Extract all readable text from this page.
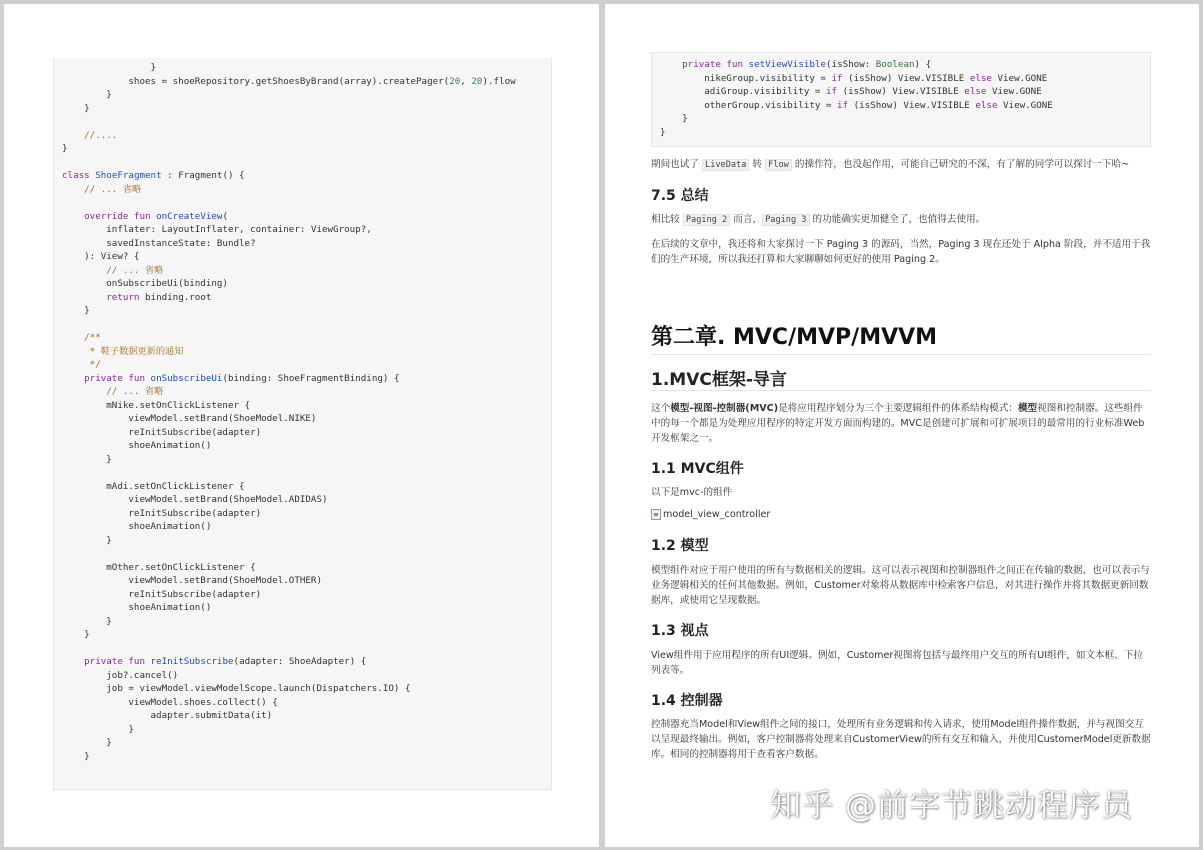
}
shoes = shoeRepository.getShoesByBrand(array).createPager(20, 20).flow
}
}
//....
}
class ShoeFragment : Fragment() {
// ... 省略
override fun onCreateView(
inflater: LayoutInflater, container: ViewGroup?,
savedInstanceState: Bundle?
): View? {
// ... 省略
onSubscribeUi(binding)
return binding.root
}
/**
* 鞋子数据更新的通知
*/
private fun onSubscribeUi(binding: ShoeFragmentBinding) {
// ... 省略
mNike.setOnClickListener {
viewModel.setBrand(ShoeModel.NIKE)
reInitSubscribe(adapter)
shoeAnimation()
}
mAdi.setOnClickListener {
viewModel.setBrand(ShoeModel.ADIDAS)
reInitSubscribe(adapter)
shoeAnimation()
}
mOther.setOnClickListener {
viewModel.setBrand(ShoeModel.OTHER)
reInitSubscribe(adapter)
shoeAnimation()
}
}
private fun reInitSubscribe(adapter: ShoeAdapter) {
job?.cancel()
job = viewModel.viewModelScope.launch(Dispatchers.IO) {
viewModel.shoes.collect() {
adapter.submitData(it)
}
}
}
private fun setViewVisible(isShow: Boolean) {
nikeGroup.visibility = if (isShow) View.VISIBLE else View.GONE
adiGroup.visibility = if (isShow) View.VISIBLE else View.GONE
otherGroup.visibility = if (isShow) View.VISIBLE else View.GONE
}
}
期间也试了 LiveData 转 Flow 的操作符，也没起作用，可能自己研究的不深，有了解的同学可以探讨一下哈~
7.5 总结
相比较 Paging 2 而言， Paging 3 的功能确实更加健全了，也值得去使用。
在后续的文章中，我还将和大家探讨一下 Paging 3 的源码，当然，Paging 3 现在还处于 Alpha 阶段，并不适用于我们的生产环境，所以我还打算和大家聊聊如何更好的使用 Paging 2。
第二章. MVC/MVP/MVVM
1.MVC框架-导言
这个模型-视图-控制器(MVC)是将应用程序划分为三个主要逻辑组件的体系结构模式：模型视图和控制器。这些组件中的每一个都是为处理应用程序的特定开发方面而构建的。MVC是创建可扩展和可扩展项目的最常用的行业标准Web开发框架之一。
1.1 MVC组件
以下是mvc-的组件
model_view_controller
1.2 模型
模型组件对应于用户使用的所有与数据相关的逻辑。这可以表示视图和控制器组件之间正在传输的数据，也可以表示与业务逻辑相关的任何其他数据。例如，Customer对象将从数据库中检索客户信息，对其进行操作并将其数据更新回数据库，或使用它呈现数据。
1.3 视点
View组件用于应用程序的所有UI逻辑。例如，Customer视图将包括与最终用户交互的所有UI组件，如文本框、下拉列表等。
1.4 控制器
控制器充当Model和View组件之间的接口，处理所有业务逻辑和传入请求，使用Model组件操作数据，并与视图交互以呈现最终输出。例如，客户控制器将处理来自CustomerView的所有交互和输入，并使用CustomerModel更新数据库。相同的控制器将用于查看客户数据。
知乎 @前字节跳动程序员
